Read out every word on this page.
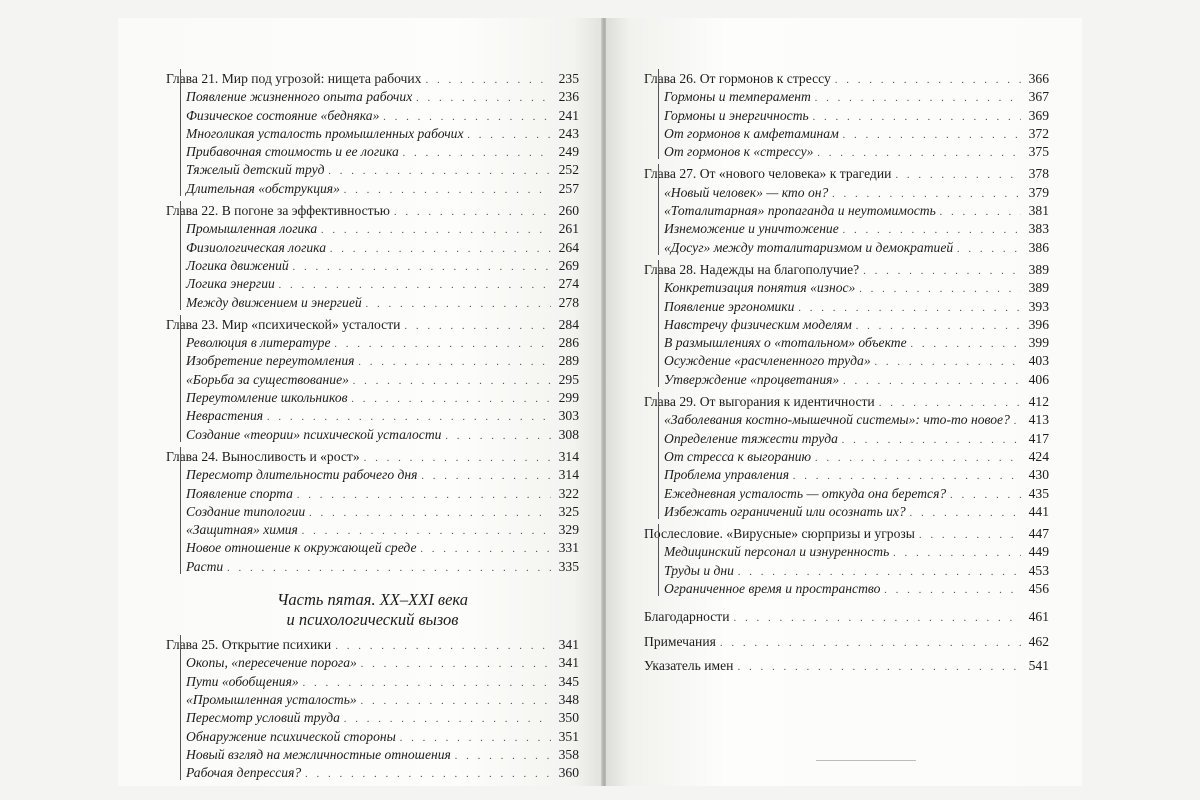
Глава 21. Мир под угрозой: нищета рабочих . . .	235
Появление жизненного опыта рабочих . . .	236
Физическое состояние «бедняка» . . .	241
Многоликая усталость промышленных рабочих . . .	243
Прибавочная стоимость и ее логика . . .	249
Тяжелый детский труд . . .	252
Длительная «обструкция» . . .	257
Глава 22. В погоне за эффективностью . . .	260
Промышленная логика . . .	261
Физиологическая логика . . .	264
Логика движений . . .	269
Логика энергии . . .	274
Между движением и энергией . . .	278
Глава 23. Мир «психической» усталости . . .	284
Революция в литературе . . .	286
Изобретение переутомления . . .	289
«Борьба за существование» . . .	295
Переутомление школьников . . .	299
Неврастения . . .	303
Создание «теории» психической усталости . . .	308
Глава 24. Выносливость и «рост» . . .	314
Пересмотр длительности рабочего дня . . .	314
Появление спорта . . .	322
Создание типологии . . .	325
«Защитная» химия . . .	329
Новое отношение к окружающей среде . . .	331
Расти . . .	335
Часть пятая. XX–XXI века
и психологический вызов
Глава 25. Открытие психики . . .	341
Окопы, «пересечение порога» . . .	341
Пути «обобщения» . . .	345
«Промышленная усталость» . . .	348
Пересмотр условий труда . . .	350
Обнаружение психической стороны . . .	351
Новый взгляд на межличностные отношения . . .	358
Рабочая депрессия? . . .	360
Глава 26. От гормонов к стрессу . . .	366
Гормоны и темперамент . . .	367
Гормоны и энергичность . . .	369
От гормонов к амфетаминам . . .	372
От гормонов к «стрессу» . . .	375
Глава 27. От «нового человека» к трагедии . . .	378
«Новый человек» — кто он? . . .	379
«Тоталитарная» пропаганда и неутомимость . . .	381
Изнеможение и уничтожение . . .	383
«Досуг» между тоталитаризмом и демократией . . .	386
Глава 28. Надежды на благополучие? . . .	389
Конкретизация понятия «износ» . . .	389
Появление эргономики . . .	393
Навстречу физическим моделям . . .	396
В размышлениях о «тотальном» объекте . . .	399
Осуждение «расчлененного труда» . . .	403
Утверждение «процветания» . . .	406
Глава 29. От выгорания к идентичности . . .	412
«Заболевания костно-мышечной системы»: что-то новое? . . . 413
Определение тяжести труда . . .	417
От стресса к выгоранию . . .	424
Проблема управления . . .	430
Ежедневная усталость — откуда она берется? . . .	435
Избежать ограничений или осознать их? . . .	441
Послесловие. «Вирусные» сюрпризы и угрозы . . .	447
Медицинский персонал и изнуренность . . .	449
Труды и дни . . .	453
Ограниченное время и пространство . . .	456
Благодарности . . .	461
Примечания . . .	462
Указатель имен . . .	541
